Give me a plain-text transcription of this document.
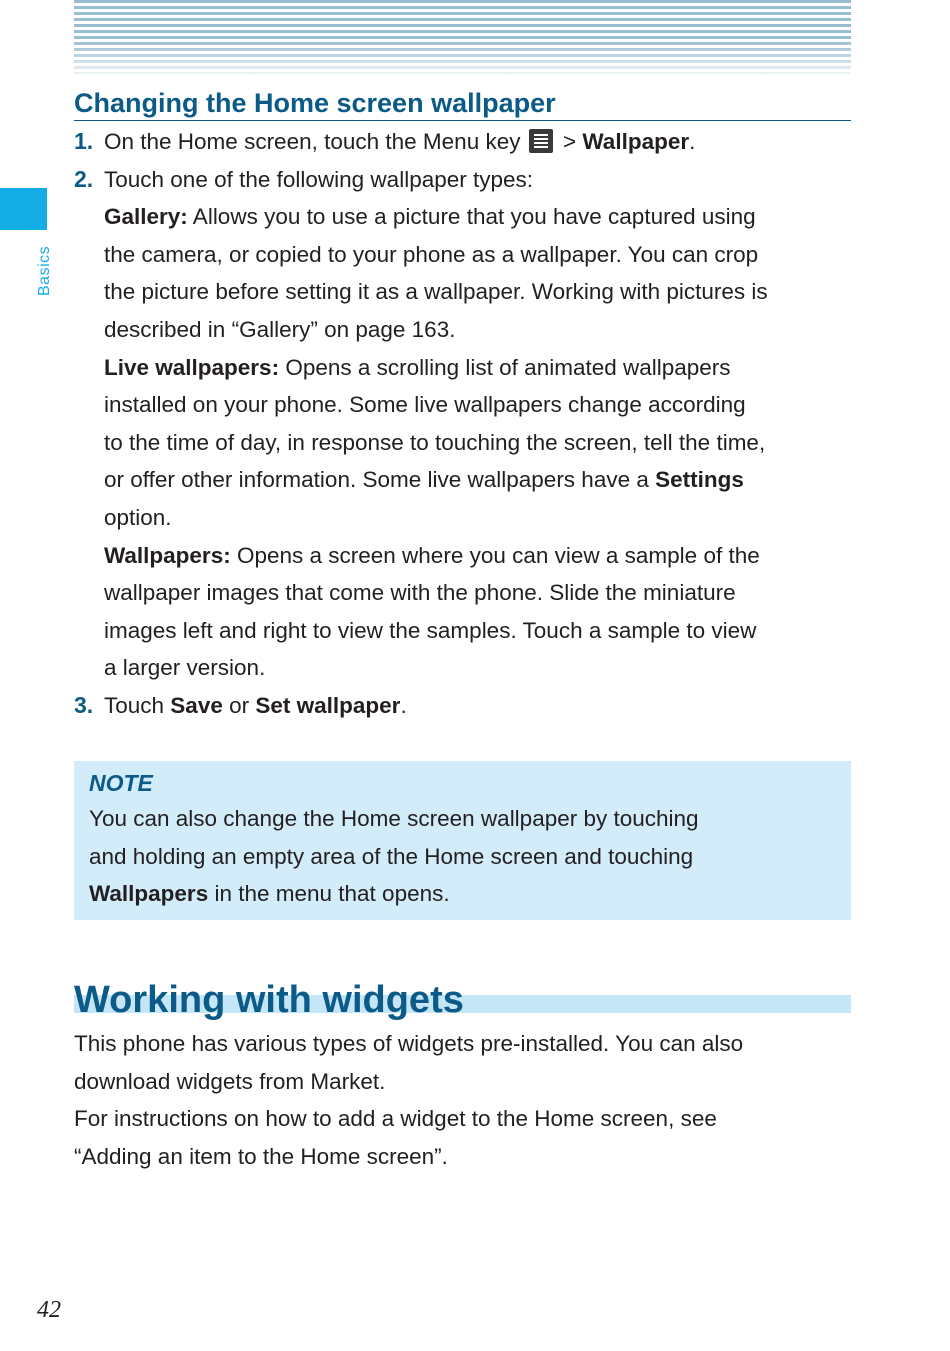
Basics
Changing the Home screen wallpaper
1. On the Home screen, touch the Menu key
> Wallpaper.
2. Touch one of the following wallpaper types:
Gallery: Allows you to use a picture that you have captured using
the camera, or copied to your phone as a wallpaper. You can crop
the picture before setting it as a wallpaper. Working with pictures is
described in “Gallery” on page 163.
Live wallpapers: Opens a scrolling list of animated wallpapers
installed on your phone. Some live wallpapers change according
to the time of day, in response to touching the screen, tell the time,
or offer other information. Some live wallpapers have a Settings
option.
Wallpapers: Opens a screen where you can view a sample of the
wallpaper images that come with the phone. Slide the miniature
images left and right to view the samples. Touch a sample to view
a larger version.
3. Touch Save or Set wallpaper.
NOTE
You can also change the Home screen wallpaper by touching
and holding an empty area of the Home screen and touching
Wallpapers in the menu that opens.
Working with widgets
This phone has various types of widgets pre-installed. You can also
download widgets from Market.
For instructions on how to add a widget to the Home screen, see
“Adding an item to the Home screen”.
42
